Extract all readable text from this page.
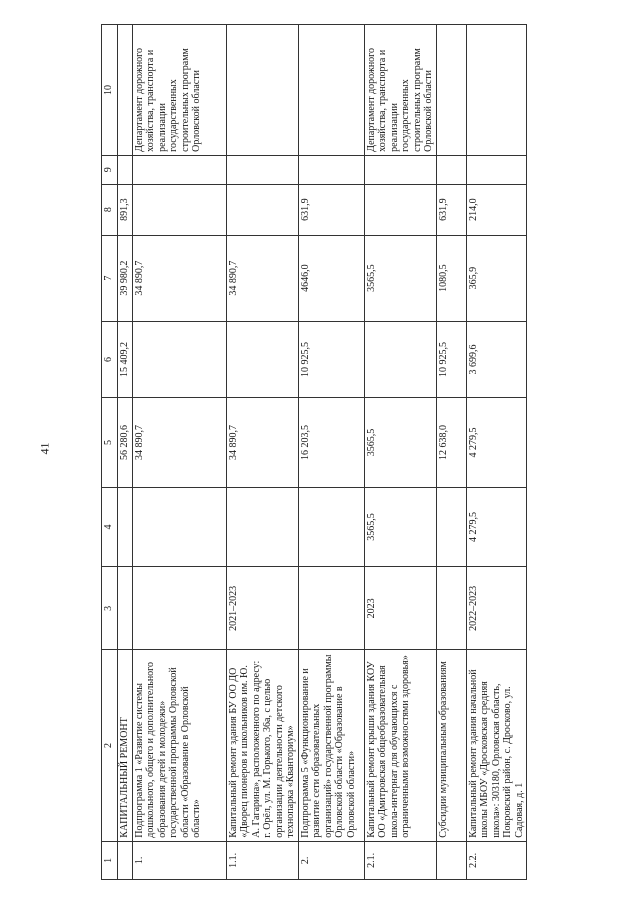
41
1	2	3	4	5	6	7	8	9	10
	КАПИТАЛЬНЫЙ РЕМОНТ			56 280,6	15 409,2	39 980,2	891,3		
1.	Подпрограмма 1 «Развитие системы дошкольного, общего и дополнительного образования детей и молодежи» государственной программы Орловской области «Образование в Орловской области»			34 890,7		34 890,7			Департамент дорожного хозяйства, транспорта и реализации государственных строительных программ Орловской области
1.1.	Капитальный ремонт здания БУ ОО ДО «Дворец пионеров и школьников им. Ю. А. Гагарина», расположенного по адресу: г. Орёл, ул. М. Горького, 36а, с целью организации деятельности детского технопарка «Кванториум»	2021–2023		34 890,7		34 890,7			
2.	Подпрограмма 5 «Функционирование и развитие сети образовательных организаций» государственной программы Орловской области «Образование в Орловской области»			16 203,5	10 925,5	4646,0	631,9		
2.1.	Капитальный ремонт крыши здания КОУ ОО «Дмитровская общеобразовательная школа-интернат для обучающихся с ограниченными возможностями здоровья»	2023	3565,5	3565,5		3565,5			Департамент дорожного хозяйства, транспорта и реализации государственных строительных программ Орловской области
	Субсидии муниципальным образованиям			12 638,0	10 925,5	1080,5	631,9		
2.2.	Капитальный ремонт здания начальной школы МБОУ «Дросковская средняя школа»: 303180, Орловская область, Покровский район, с. Дросково, ул. Садовая, д. 1	2022–2023	4 279,5	4 279,5	3 699,6	365,9	214,0		
